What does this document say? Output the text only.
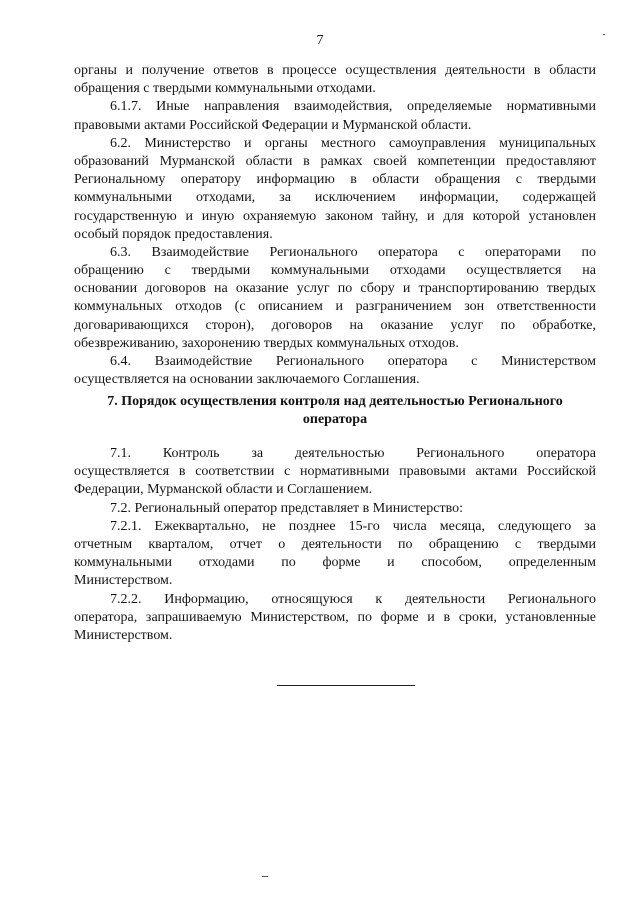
7
органы и получение ответов в процессе осуществления деятельности в области
обращения с твердыми коммунальными отходами.
6.1.7. Иные направления взаимодействия, определяемые нормативными
правовыми актами Российской Федерации и Мурманской области.
6.2. Министерство и органы местного самоуправления муниципальных
образований Мурманской области в рамках своей компетенции предоставляют
Региональному оператору информацию в области обращения с твердыми
коммунальными отходами, за исключением информации, содержащей
государственную и иную охраняемую законом тайну, и для которой установлен
особый порядок предоставления.
6.3. Взаимодействие Регионального оператора с операторами по
обращению с твердыми коммунальными отходами осуществляется на
основании договоров на оказание услуг по сбору и транспортированию твердых
коммунальных отходов (с описанием и разграничением зон ответственности
договаривающихся сторон), договоров на оказание услуг по обработке,
обезвреживанию, захоронению твердых коммунальных отходов.
6.4. Взаимодействие Регионального оператора с Министерством
осуществляется на основании заключаемого Соглашения.
7. Порядок осуществления контроля над деятельностью Регионального
оператора
7.1. Контроль за деятельностью Регионального оператора
осуществляется в соответствии с нормативными правовыми актами Российской
Федерации, Мурманской области и Соглашением.
7.2. Региональный оператор представляет в Министерство:
7.2.1. Ежеквартально, не позднее 15-го числа месяца, следующего за
отчетным кварталом, отчет о деятельности по обращению с твердыми
коммунальными отходами по форме и способом, определенным
Министерством.
7.2.2. Информацию, относящуюся к деятельности Регионального
оператора, запрашиваемую Министерством, по форме и в сроки, установленные
Министерством.
